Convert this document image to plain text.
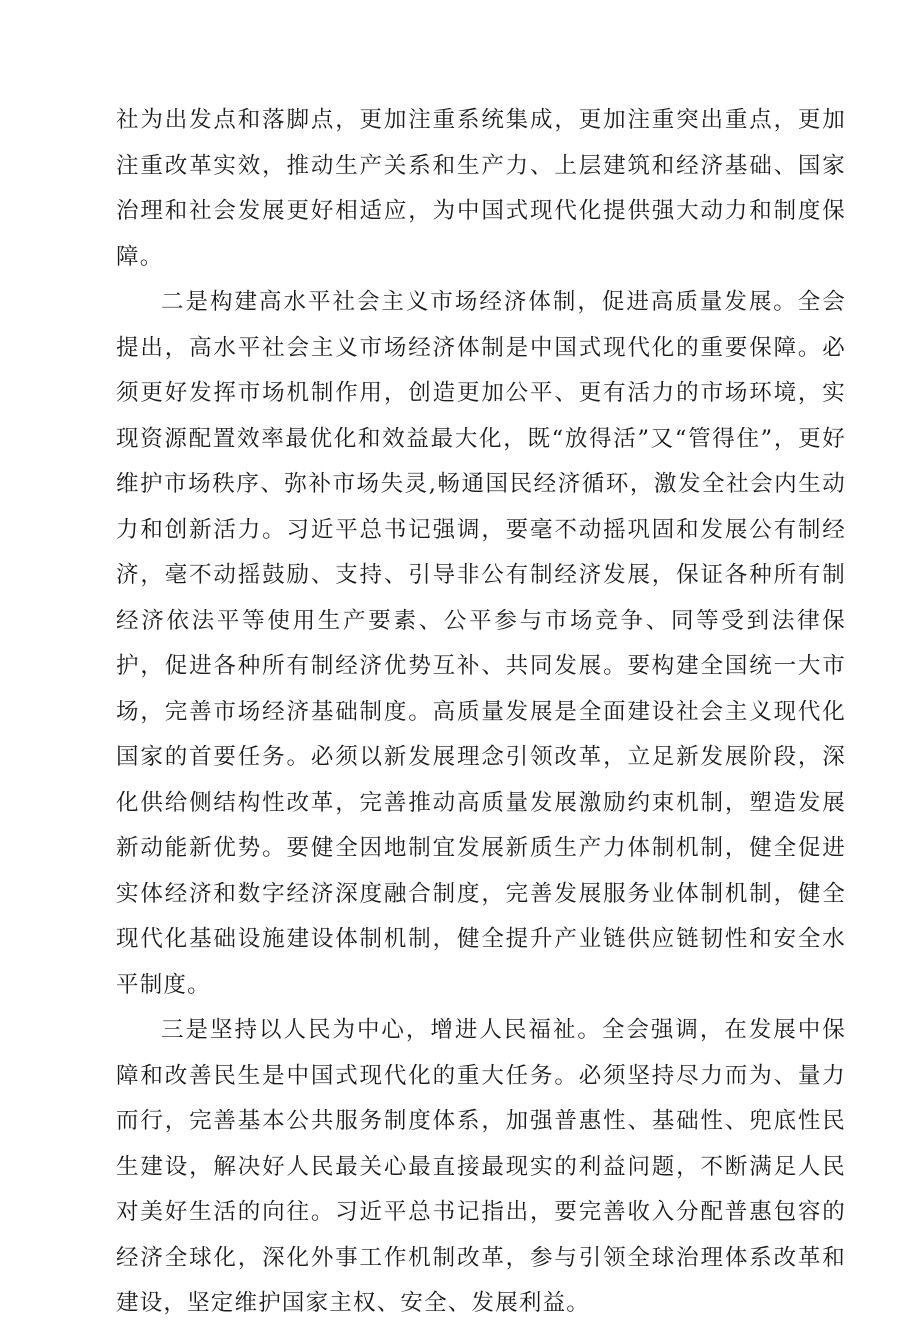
社为出发点和落脚点，更加注重系统集成，更加注重突出重点，更加注重改革实效，推动生产关系和生产力、上层建筑和经济基础、国家治理和社会发展更好相适应，为中国式现代化提供强大动力和制度保障。

二是构建高水平社会主义市场经济体制，促进高质量发展。全会提出，高水平社会主义市场经济体制是中国式现代化的重要保障。必须更好发挥市场机制作用，创造更加公平、更有活力的市场环境，实现资源配置效率最优化和效益最大化，既“放得活”又“管得住”，更好维护市场秩序、弥补市场失灵,畅通国民经济循环，激发全社会内生动力和创新活力。习近平总书记强调，要毫不动摇巩固和发展公有制经济，毫不动摇鼓励、支持、引导非公有制经济发展，保证各种所有制经济依法平等使用生产要素、公平参与市场竞争、同等受到法律保护，促进各种所有制经济优势互补、共同发展。要构建全国统一大市场，完善市场经济基础制度。高质量发展是全面建设社会主义现代化国家的首要任务。必须以新发展理念引领改革，立足新发展阶段，深化供给侧结构性改革，完善推动高质量发展激励约束机制，塑造发展新动能新优势。要健全因地制宜发展新质生产力体制机制，健全促进实体经济和数字经济深度融合制度，完善发展服务业体制机制，健全现代化基础设施建设体制机制，健全提升产业链供应链韧性和安全水平制度。

三是坚持以人民为中心，增进人民福祉。全会强调，在发展中保障和改善民生是中国式现代化的重大任务。必须坚持尽力而为、量力而行，完善基本公共服务制度体系，加强普惠性、基础性、兜底性民生建设，解决好人民最关心最直接最现实的利益问题，不断满足人民对美好生活的向往。习近平总书记指出，要完善收入分配普惠包容的经济全球化，深化外事工作机制改革，参与引领全球治理体系改革和建设，坚定维护国家主权、安全、发展利益。
